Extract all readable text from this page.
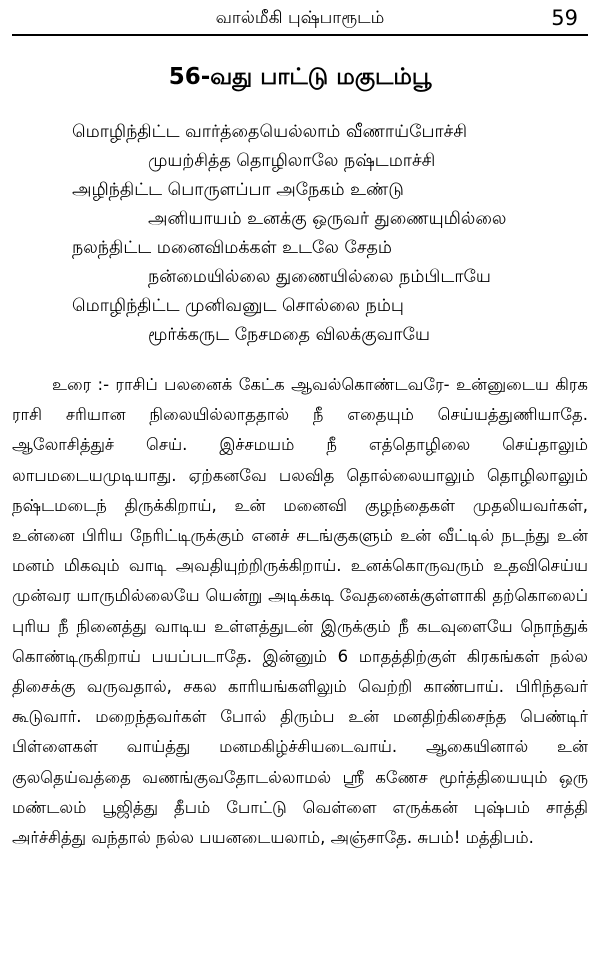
வால்மீகி புஷ்பாரூடம்	59
56-வது பாட்டு மகுடம்பூ
மொழிந்திட்ட வார்த்தையெல்லாம் வீணாய்போச்சி
முயற்சித்த தொழிலாலே நஷ்டமாச்சி
அழிந்திட்ட பொருளப்பா அநேகம் உண்டு
அனியாயம் உனக்கு ஒருவர் துணையுமில்லை
நலந்திட்ட மனைவிமக்கள் உடலே சேதம்
நன்மையில்லை துணையில்லை நம்பிடாயே
மொழிந்திட்ட முனிவனுட சொல்லை நம்பு
மூர்க்கருட நேசமதை விலக்குவாயே

உரை :- ராசிப் பலனைக் கேட்க ஆவல்கொண்டவரே- உன்னுடைய கிரக ராசி சரியான நிலையில்லாததால் நீ எதையும் செய்யத்துணியாதே. ஆலோசித்துச் செய். இச்சமயம் நீ எத்தொழிலை செய்தாலும் லாபமடையமுடியாது. ஏற்கனவே பலவித தொல்லையாலும் தொழிலாலும் நஷ்டமடைந் திருக்கிறாய், உன் மனைவி குழந்தைகள் முதலியவர்கள், உன்னை பிரிய நேரிட்டிருக்கும் எனச் சடங்குகளும் உன் வீட்டில் நடந்து உன் மனம் மிகவும் வாடி அவதியுற்றிருக்கிறாய். உனக்கொருவரும் உதவிசெய்ய முன்வர யாருமில்லையே யென்று அடிக்கடி வேதனைக்குள்ளாகி தற்கொலைப் புரிய நீ நினைத்து வாடிய உள்ளத்துடன் இருக்கும் நீ கடவுளையே நொந்துக் கொண்டிருகிறாய் பயப்படாதே. இன்னும் 6 மாதத்திற்குள் கிரகங்கள் நல்ல திசைக்கு வருவதால், சகல காரியங்களிலும் வெற்றி காண்பாய். பிரிந்தவர் கூடுவார். மறைந்தவர்கள் போல் திரும்ப உன் மனதிற்கிசைந்த பெண்டிர் பிள்ளைகள் வாய்த்து மனமகிழ்ச்சியடைவாய். ஆகையினால் உன் குலதெய்வத்தை வணங்குவதோடல்லாமல் ஸ்ரீ கணேச மூர்த்தியையும் ஒரு மண்டலம் பூஜித்து தீபம் போட்டு வெள்ளை எருக்கன் புஷ்பம் சாத்தி அர்ச்சித்து வந்தால் நல்ல பயனடையலாம், அஞ்சாதே. சுபம்! மத்திபம்.
